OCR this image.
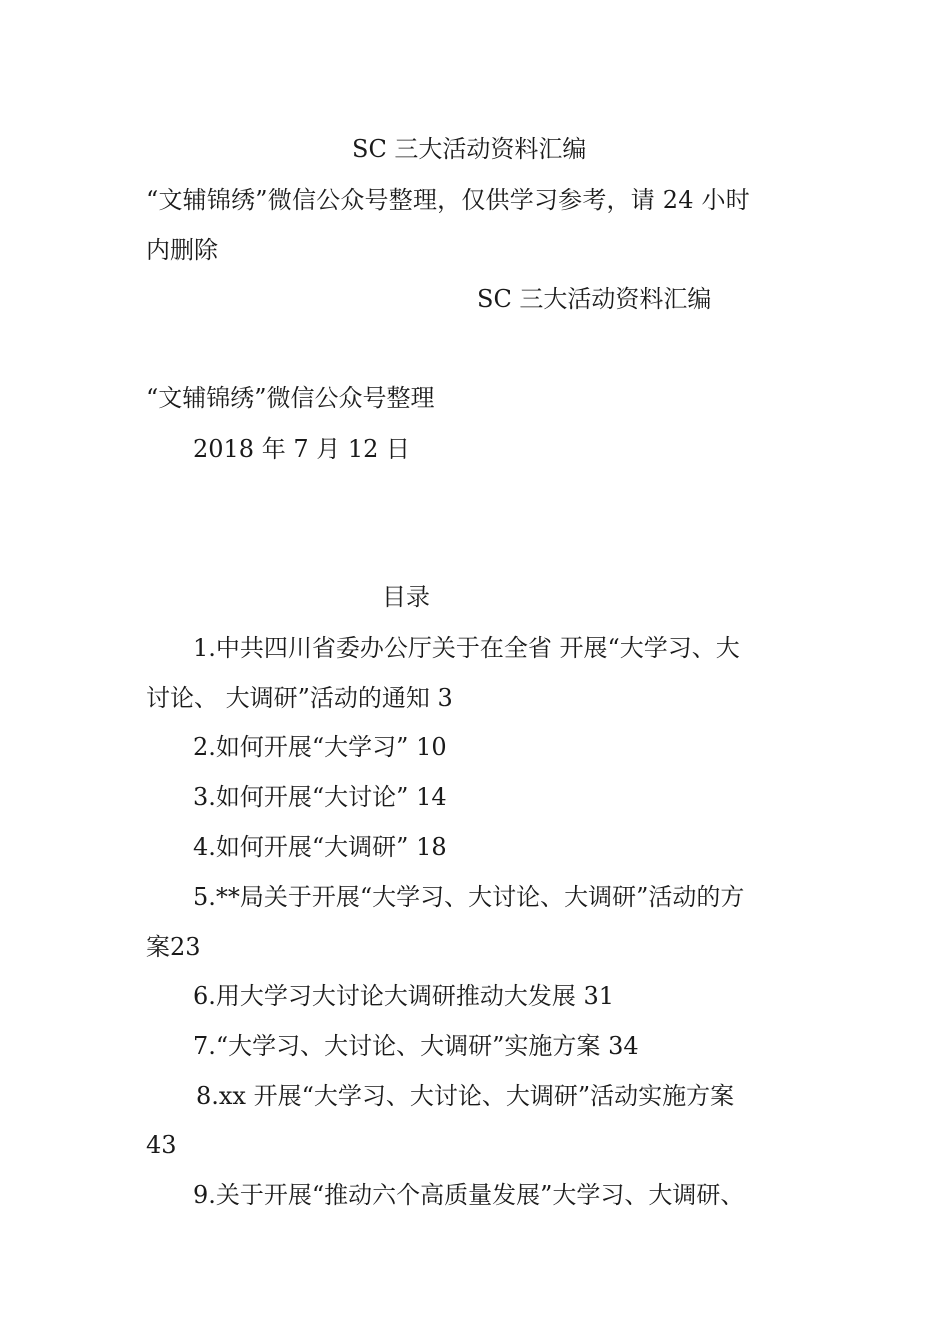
SC 三大活动资料汇编
“文辅锦绣”微信公众号整理，仅供学习参考，请 24 小时
内删除
SC 三大活动资料汇编
“文辅锦绣”微信公众号整理
2018 年 7 月 12 日
目录
1.中共四川省委办公厅关于在全省 开展“大学习、大
讨论、 大调研”活动的通知 3
2.如何开展“大学习” 10
3.如何开展“大讨论” 14
4.如何开展“大调研” 18
5.**局关于开展“大学习、大讨论、大调研”活动的方
案23
6.用大学习大讨论大调研推动大发展 31
7.“大学习、大讨论、大调研”实施方案 34
8.xx 开展“大学习、大讨论、大调研”活动实施方案
43
9.关于开展“推动六个高质量发展”大学习、大调研、
